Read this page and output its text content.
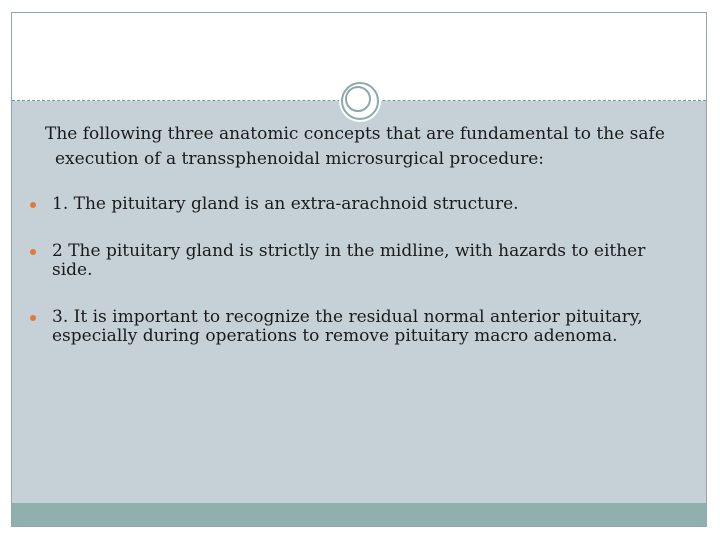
The following three anatomic concepts that are fundamental to the safe
execution of a transsphenoidal microsurgical procedure:
1. The pituitary gland is an extra-arachnoid structure.
2 The pituitary gland is strictly in the midline, with hazards to either side.
3. It is important to recognize the residual normal anterior pituitary, especially during operations to remove pituitary macro adenoma.
